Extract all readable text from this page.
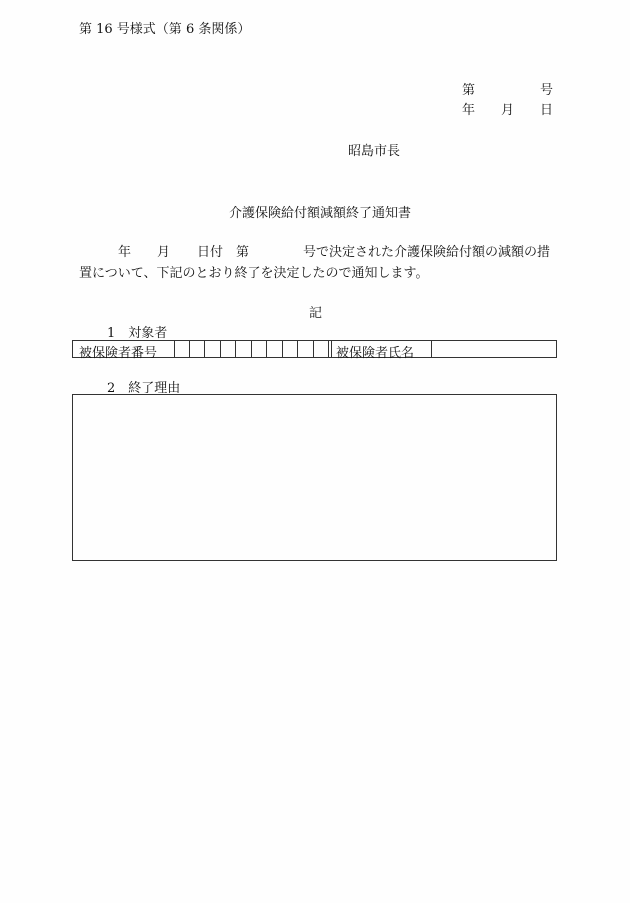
第 16 号様式（第 6 条関係）
第	号
年 月 日
昭島市長
介護保険給付額減額終了通知書
年 月 日付 第	号で決定された介護保険給付額の減額の措
置について、下記のとおり終了を決定したので通知します。
記
1　対象者
被保険者番号	被保険者氏名
2　終了理由
